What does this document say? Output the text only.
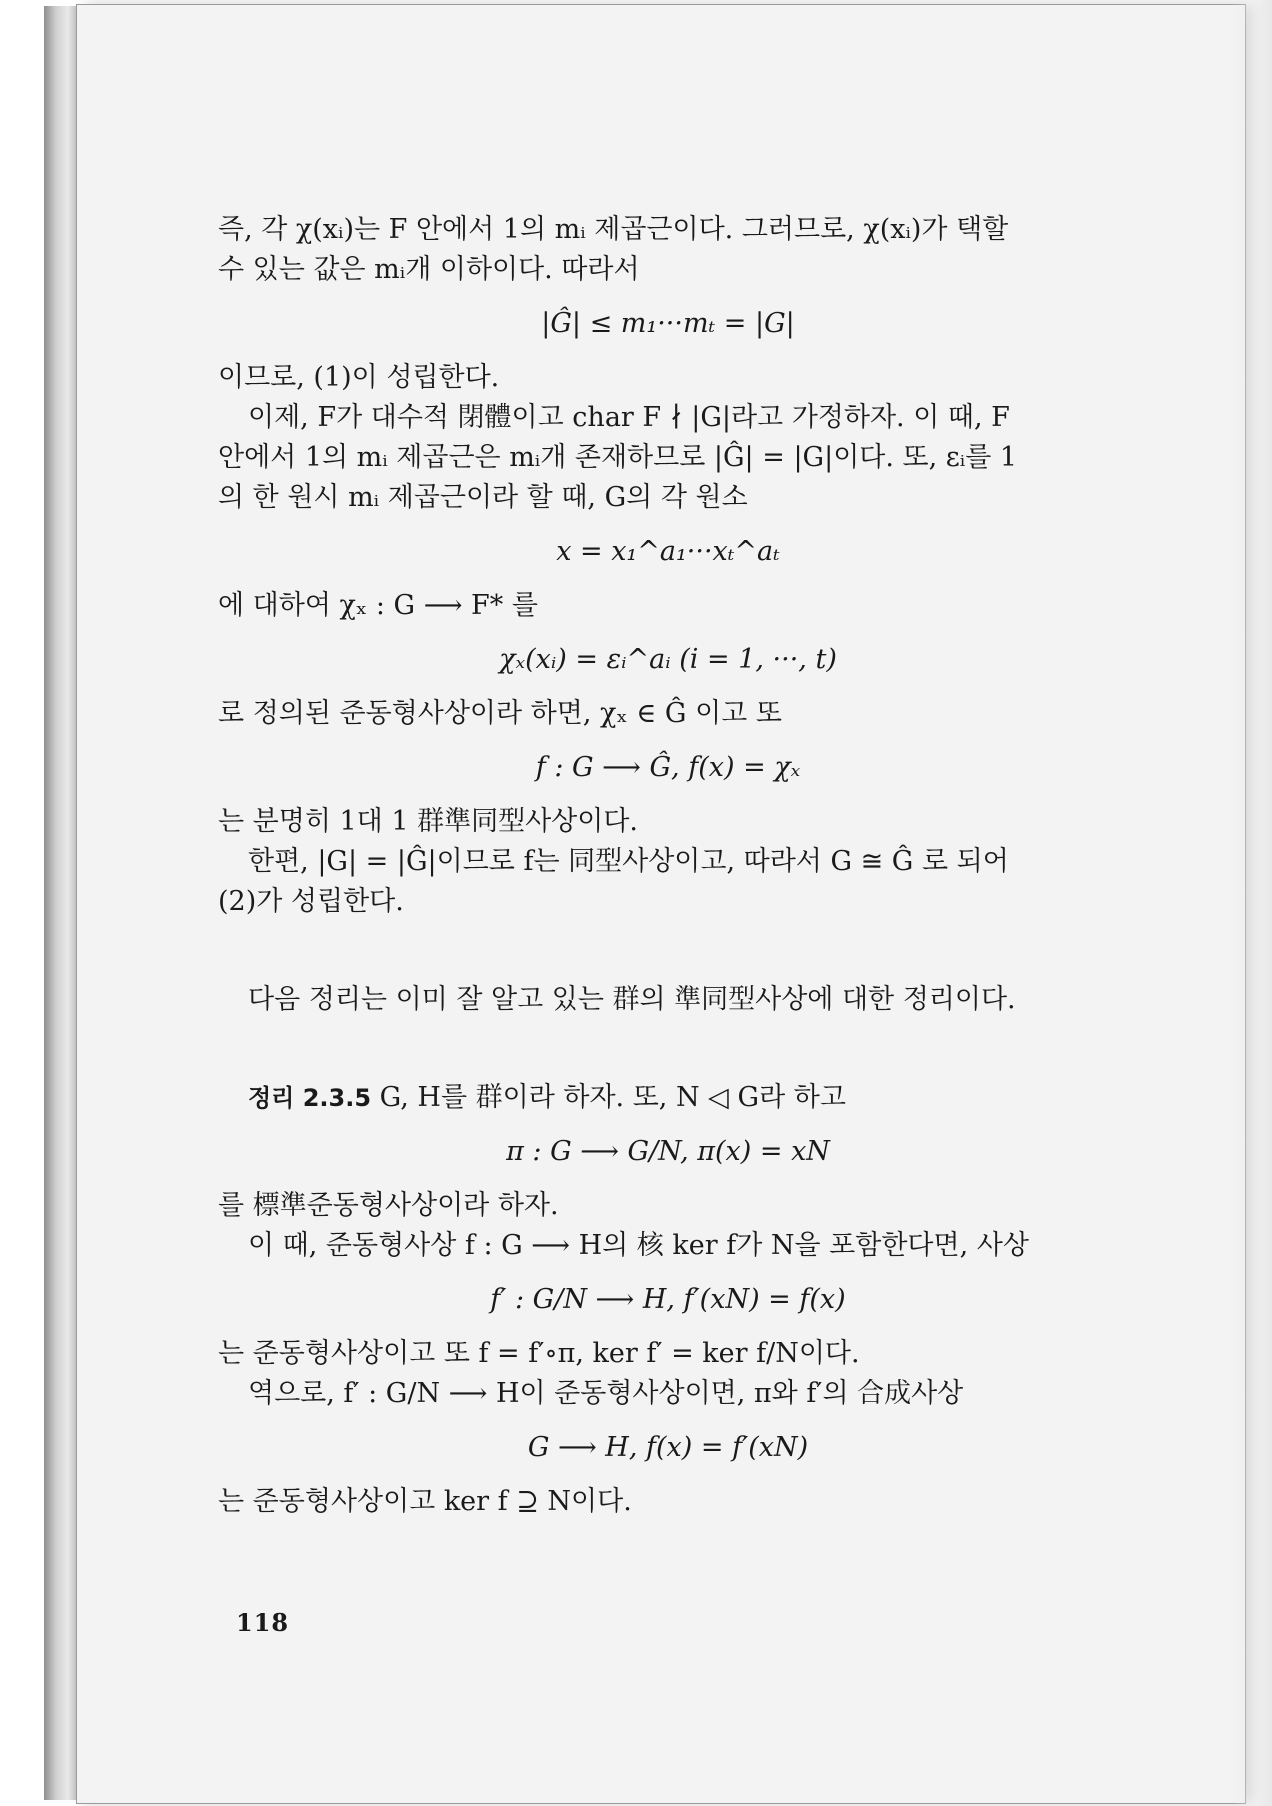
즉, 각 χ(xᵢ)는 F 안에서 1의 mᵢ 제곱근이다. 그러므로, χ(xᵢ)가 택할

수 있는 값은 mᵢ개 이하이다. 따라서

|Ĝ| ≤ m₁···mₜ = |G|

이므로, (1)이 성립한다.

이제, F가 대수적 閉體이고 char F ∤ |G|라고 가정하자. 이 때, F

안에서 1의 mᵢ 제곱근은 mᵢ개 존재하므로 |Ĝ| = |G|이다. 또, εᵢ를 1

의 한 원시 mᵢ 제곱근이라 할 때, G의 각 원소

x = x₁^a₁···xₜ^aₜ

에 대하여 χₓ : G ⟶ F* 를

χₓ(xᵢ) = εᵢ^aᵢ (i = 1, ···, t)

로 정의된 준동형사상이라 하면, χₓ ∈ Ĝ 이고 또

f : G ⟶ Ĝ, f(x) = χₓ

는 분명히 1대 1 群準同型사상이다.

한편, |G| = |Ĝ|이므로 f는 同型사상이고, 따라서 G ≅ Ĝ 로 되어

(2)가 성립한다.

다음 정리는 이미 잘 알고 있는 群의 準同型사상에 대한 정리이다.

정리 2.3.5 G, H를 群이라 하자. 또, N ◁ G라 하고

π : G ⟶ G/N, π(x) = xN

를 標準준동형사상이라 하자.

이 때, 준동형사상 f : G ⟶ H의 核 ker f가 N을 포함한다면, 사상

f′ : G/N ⟶ H, f′(xN) = f(x)

는 준동형사상이고 또 f = f′∘π, ker f′ = ker f/N이다.

역으로, f′ : G/N ⟶ H이 준동형사상이면, π와 f′의 合成사상

G ⟶ H, f(x) = f′(xN)

는 준동형사상이고 ker f ⊇ N이다.

118
